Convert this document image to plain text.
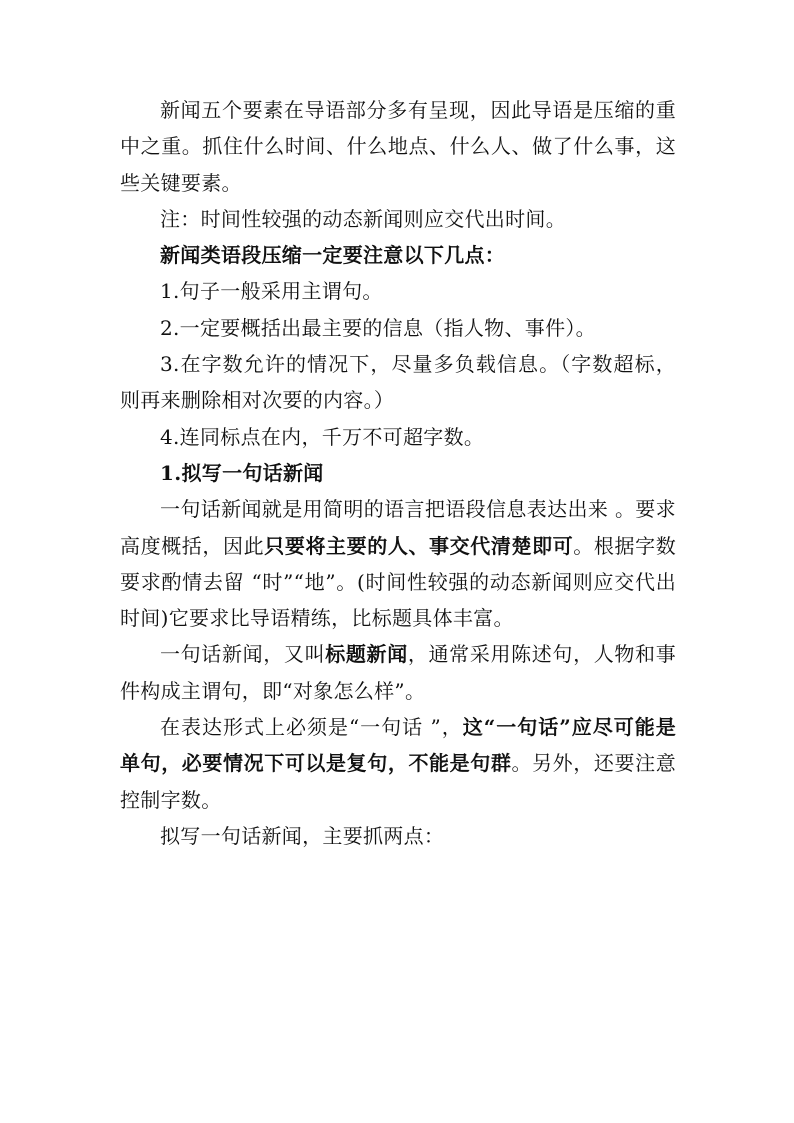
新闻五个要素在导语部分多有呈现，因此导语是压缩的重中之重。抓住什么时间、什么地点、什么人、做了什么事，这些关键要素。

注：时间性较强的动态新闻则应交代出时间。

新闻类语段压缩一定要注意以下几点：

1.句子一般采用主谓句。

2.一定要概括出最主要的信息（指人物、事件）。

3.在字数允许的情况下，尽量多负载信息。（字数超标，则再来删除相对次要的内容。）

4.连同标点在内，千万不可超字数。

1.拟写一句话新闻

一句话新闻就是用简明的语言把语段信息表达出来 。要求高度概括，因此只要将主要的人、事交代清楚即可。根据字数要求酌情去留 “时”“地”。(时间性较强的动态新闻则应交代出时间)它要求比导语精练，比标题具体丰富。

一句话新闻，又叫标题新闻，通常采用陈述句，人物和事件构成主谓句，即“对象怎么样”。

在表达形式上必须是“一句话 ”，这“一句话”应尽可能是单句，必要情况下可以是复句，不能是句群。另外，还要注意控制字数。

拟写一句话新闻，主要抓两点：
